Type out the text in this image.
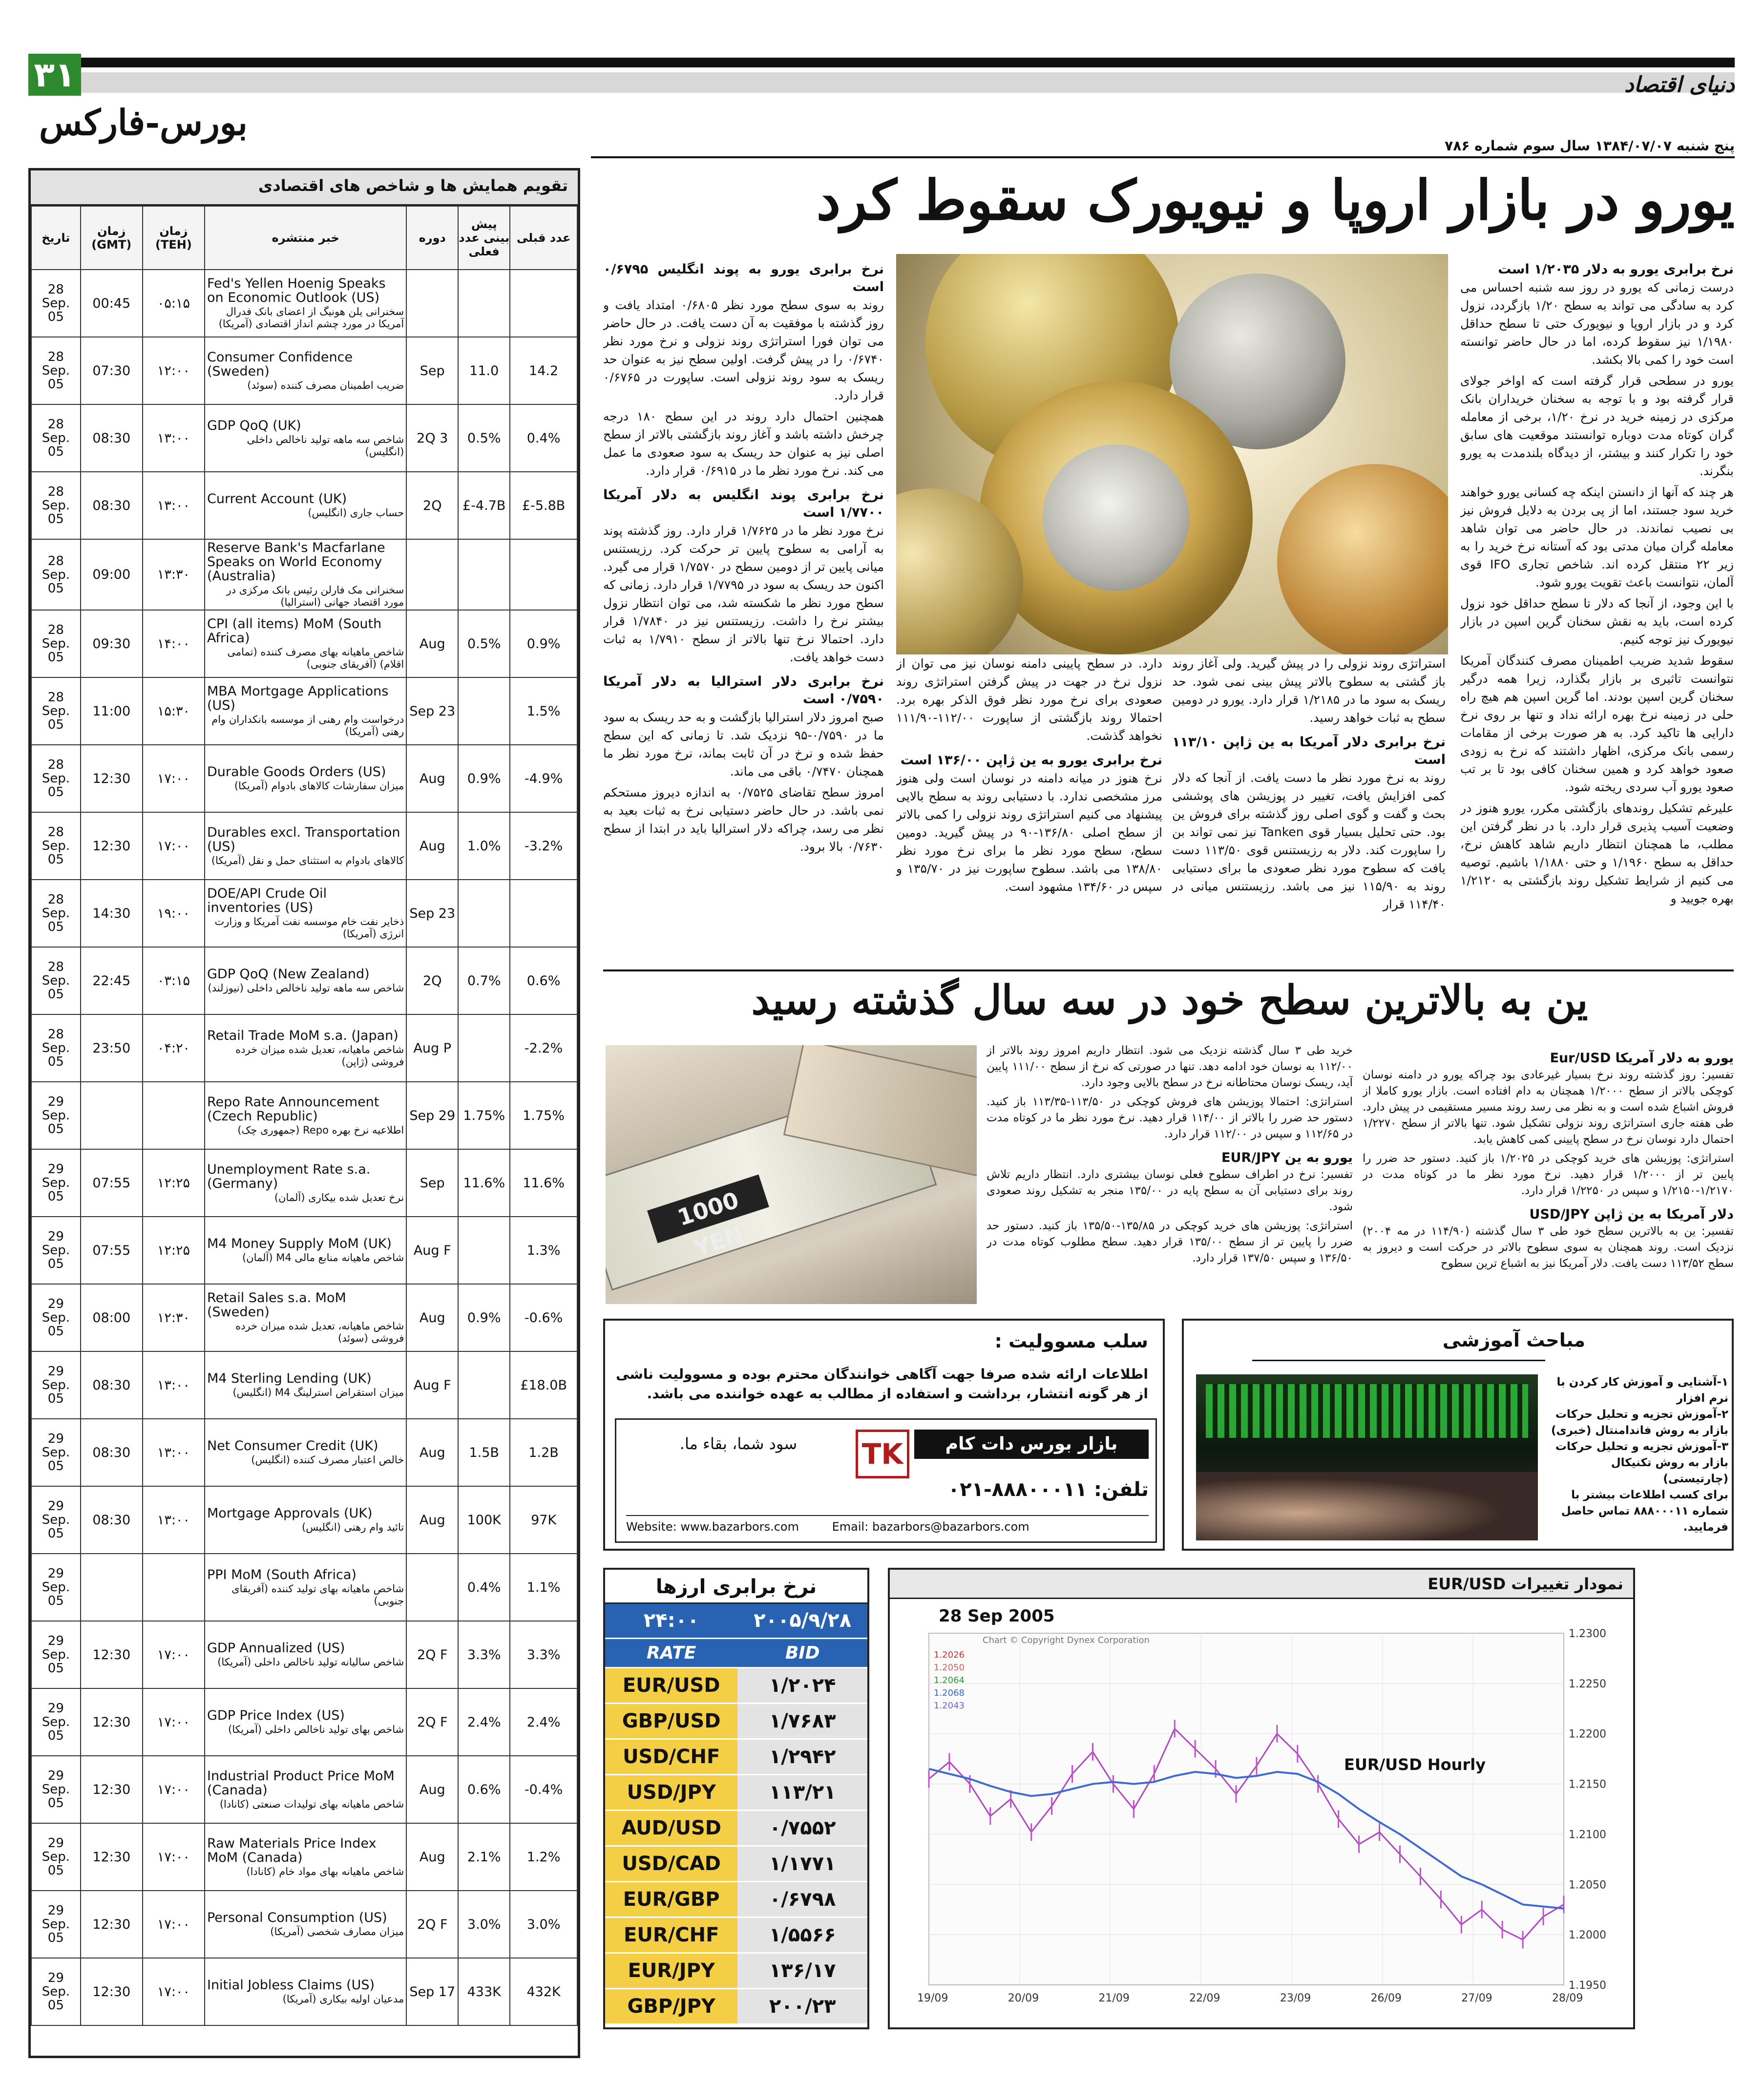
۳۱
بورس-فارکس
دنیای اقتصاد
پنج شنبه ۱۳۸۴/۰۷/۰۷ سال سوم شماره ۷۸۶
یورو در بازار اروپا و نیویورک سقوط کرد
نرخ برابری یورو به دلار ۱/۲۰۳۵ است

درست زمانی که یورو در روز سه شنبه احساس می کرد به سادگی می تواند به سطح ۱/۲۰ بازگردد، نزول کرد و در بازار اروپا و نیویورک حتی تا سطح حداقل ۱/۱۹۸۰ نیز سقوط کرده، اما در حال حاضر توانسته است خود را کمی بالا بکشد.

یورو در سطحی قرار گرفته است که اواخر جولای قرار گرفته بود و با توجه به سخنان خریداران بانک مرکزی در زمینه خرید در نرخ ۱/۲۰، برخی از معامله گران کوتاه مدت دوباره توانستند موقعیت های سابق خود را تکرار کنند و بیشتر، از دیدگاه بلندمدت به یورو بنگرند.

هر چند که آنها از دانستن اینکه چه کسانی یورو خواهند خرید سود جستند، اما از پی بردن به دلایل فروش نیز بی نصیب نماندند. در حال حاضر می توان شاهد معامله گران میان مدتی بود که آستانه نرخ خرید را به زیر ۲۲ منتقل کرده اند. شاخص تجاری IFO قوی آلمان، نتوانست باعث تقویت یورو شود.

با این وجود، از آنجا که دلار تا سطح حداقل خود نزول کرده است، باید به نقش سخنان گرین اسپن در بازار نیویورک نیز توجه کنیم.

سقوط شدید ضریب اطمینان مصرف کنندگان آمریکا نتوانست تاثیری بر بازار بگذارد، زیرا همه درگیر سخنان گرین اسپن بودند. اما گرین اسپن هم هیچ راه حلی در زمینه نرخ بهره ارائه نداد و تنها بر روی نرخ دارایی ها تاکید کرد. به هر صورت برخی از مقامات رسمی بانک مرکزی، اظهار داشتند که نرخ به زودی صعود خواهد کرد و همین سخنان کافی بود تا بر تب صعود یورو آب سردی ریخته شود.

علیرغم تشکیل روندهای بازگشتی مکرر، یورو هنوز در وضعیت آسیب پذیری قرار دارد. با در نظر گرفتن این مطلب، ما همچنان انتظار داریم شاهد کاهش نرخ، حداقل به سطح ۱/۱۹۶۰ و حتی ۱/۱۸۸۰ باشیم. توصیه می کنیم از شرایط تشکیل روند بازگشتی به ۱/۲۱۲۰ بهره جویید و

استراتژی روند نزولی را در پیش گیرید. ولی آغاز روند باز گشتی به سطوح بالاتر پیش بینی نمی شود. حد ریسک به سود ما در ۱/۲۱۸۵ قرار دارد. یورو در دومین سطح به ثبات خواهد رسید.

نرخ برابری دلار آمریکا به ین ژاپن ۱۱۳/۱۰ است

روند به نرخ مورد نظر ما دست یافت. از آنجا که دلار کمی افزایش یافت، تغییر در پوزیشن های پوششی بحث و گفت و گوی اصلی روز گذشته برای فروش ین بود. حتی تحلیل بسیار قوی Tanken نیز نمی تواند بن را ساپورت کند. دلار به رزیستنس قوی ۱۱۳/۵۰ دست یافت که سطوح مورد نظر صعودی ما برای دستیابی روند به ۱۱۵/۹۰ نیز می باشد. رزیستنس میانی در ۱۱۴/۴۰ قرار

دارد. در سطح پایینی دامنه نوسان نیز می توان از نزول نرخ در جهت در پیش گرفتن استراتژی روند صعودی برای نرخ مورد نظر فوق الذکر بهره برد. احتمالا روند بازگشتی از ساپورت ۱۱۲/۰۰-۱۱۱/۹۰ نخواهد گذشت.

نرخ برابری یورو به ین ژاپن ۱۳۶/۰۰ است

نرخ هنوز در میانه دامنه در نوسان است ولی هنوز مرز مشخصی ندارد. با دستیابی روند به سطح بالایی پیشنهاد می کنیم استراتژی روند نزولی را کمی بالاتر از سطح اصلی ۱۳۶/۸۰-۹۰ در پیش گیرید. دومین سطح، سطح مورد نظر ما برای نرخ مورد نظر ۱۳۸/۸۰ می باشد. سطوح ساپورت نیز در ۱۳۵/۷۰ و سپس در ۱۳۴/۶۰ مشهود است.

نرخ برابری یورو به پوند انگلیس ۰/۶۷۹۵ است

روند به سوی سطح مورد نظر ۰/۶۸۰۵ امتداد یافت و روز گذشته با موفقیت به آن دست یافت. در حال حاضر می توان فورا استراتژی روند نزولی و نرخ مورد نظر ۰/۶۷۴۰ را در پیش گرفت. اولین سطح نیز به عنوان حد ریسک به سود روند نزولی است. ساپورت در ۰/۶۷۶۵ قرار دارد.

همچنین احتمال دارد روند در این سطح ۱۸۰ درجه چرخش داشته باشد و آغاز روند بازگشتی بالاتر از سطح اصلی نیز به عنوان حد ریسک به سود صعودی ما عمل می کند. نرخ مورد نظر ما در ۰/۶۹۱۵ قرار دارد.

نرخ برابری پوند انگلیس به دلار آمریکا ۱/۷۷۰۰ است

نرخ مورد نظر ما در ۱/۷۶۲۵ قرار دارد. روز گذشته پوند به آرامی به سطوح پایین تر حرکت کرد. رزیستنس میانی پایین تر از دومین سطح در ۱/۷۵۷۰ قرار می گیرد. اکنون حد ریسک به سود در ۱/۷۷۹۵ قرار دارد. زمانی که سطح مورد نظر ما شکسته شد، می توان انتظار نزول بیشتر نرخ را داشت. رزیستنس نیز در ۱/۷۸۴۰ قرار دارد. احتمالا نرخ تنها بالاتر از سطح ۱/۷۹۱۰ به ثبات دست خواهد یافت.

نرخ برابری دلار استرالیا به دلار آمریکا ۰/۷۵۹۰ است

صبح امروز دلار استرالیا بازگشت و به حد ریسک به سود ما در ۰/۷۵۹۰-۹۵ نزدیک شد. تا زمانی که این سطح حفظ شده و نرخ در آن ثابت بماند، نرخ مورد نظر ما همچنان ۰/۷۴۷۰ باقی می ماند.

امروز سطح تقاضای ۰/۷۵۲۵ به اندازه دیروز مستحکم نمی باشد. در حال حاضر دستیابی نرخ به ثبات بعید به نظر می رسد، چراکه دلار استرالیا باید در ابتدا از سطح ۰/۷۶۳۰ بالا برود.

ین به بالاترین سطح خود در سه سال گذشته رسید
یورو به دلار آمریکا Eur/USD

تفسیر: روز گذشته روند نرخ بسیار غیرعادی بود چراکه یورو در دامنه نوسان کوچکی بالاتر از سطح ۱/۲۰۰۰ همچنان به دام افتاده است. بازار یورو کاملا از فروش اشباع شده است و به نظر می رسد روند مسیر مستقیمی در پیش دارد. طی هفته جاری استراتژی روند نزولی تشکیل شود. تنها بالاتر از سطح ۱/۲۲۷۰ احتمال دارد نوسان نرخ در سطح پایینی کمی کاهش یابد.

استراتژی: پوزیشن های خرید کوچکی در ۱/۲۰۲۵ باز کنید. دستور حد ضرر را پایین تر از ۱/۲۰۰۰ قرار دهید. نرخ مورد نظر ما در کوتاه مدت در ۱/۲۱۷۰-۱/۲۱۵۰ و سپس در ۱/۲۲۵۰ قرار دارد.

دلار آمریکا به ین ژاپن USD/JPY

تفسیر: ین به بالاترین سطح خود طی ۳ سال گذشته (۱۱۴/۹۰ در مه ۲۰۰۴) نزدیک است. روند همچنان به سوی سطوح بالاتر در حرکت است و دیروز به سطح ۱۱۳/۵۲ دست یافت. دلار آمریکا نیز به اشباع ترین سطوح

خرید طی ۳ سال گذشته نزدیک می شود. انتظار داریم امروز روند بالاتر از ۱۱۲/۰۰ به نوسان خود ادامه دهد. تنها در صورتی که نرخ از سطح ۱۱۱/۰۰ پایین آید، ریسک نوسان محتاطانه نرخ در سطح بالایی وجود دارد.

استراتژی: احتمالا پوزیشن های فروش کوچکی در ۱۱۳/۵۰-۱۱۳/۳۵ باز کنید. دستور حد ضرر را بالاتر از ۱۱۴/۰۰ قرار دهید. نرخ مورد نظر ما در کوتاه مدت در ۱۱۲/۶۵ و سپس در ۱۱۲/۰۰ قرار دارد.

یورو به ین EUR/JPY

تفسیر: نرخ در اطراف سطوح فعلی نوسان بیشتری دارد. انتظار داریم تلاش روند برای دستیابی آن به سطح پایه در ۱۳۵/۰۰ منجر به تشکیل روند صعودی شود.

استراتژی: پوزیشن های خرید کوچکی در ۱۳۵/۸۵-۱۳۵/۵۰ باز کنید. دستور حد ضرر را پایین تر از سطح ۱۳۵/۰۰ قرار دهید. سطح مطلوب کوتاه مدت در ۱۳۶/۵۰ و سپس ۱۳۷/۵۰ قرار دارد.

1000 YEN
تقویم همایش ها و شاخص های اقتصادی
تاریخ	زمان (GMT)	زمان (TEH)	خبر منتشره	دوره	پیش بینی عدد فعلی	عدد قبلی
28 Sep. 05	00:45	۰۵:۱۵	Fed's Yellen Hoenig Speaks on Economic Outlook (US)
سخنرانی یلن هونیگ از اعضای بانک فدرال آمریکا در مورد چشم انداز اقتصادی (آمریکا)			

28 Sep. 05	07:30	۱۲:۰۰	Consumer Confidence (Sweden)
ضریب اطمینان مصرف کننده (سوئد)	Sep	11.0	14.2
28 Sep. 05	08:30	۱۳:۰۰	GDP QoQ (UK)
شاخص سه ماهه تولید ناخالص داخلی (انگلیس)	2Q 3	0.5%	0.4%
28 Sep. 05	08:30	۱۳:۰۰	Current Account (UK)
حساب جاری (انگلیس)	2Q	£-4.7B	£-5.8B
28 Sep. 05	09:00	۱۳:۳۰	Reserve Bank's Macfarlane Speaks on World Economy (Australia)
سخنرانی مک فارلن رئیس بانک مرکزی در مورد اقتصاد جهانی (استرالیا)			

28 Sep. 05	09:30	۱۴:۰۰	CPI (all items) MoM (South Africa)
شاخص ماهیانه بهای مصرف کننده (تمامی اقلام) (آفریقای جنوبی)	Aug	0.5%	0.9%
28 Sep. 05	11:00	۱۵:۳۰	MBA Mortgage Applications (US)
درخواست وام رهنی از موسسه بانکداران وام رهنی (آمریکا)	Sep 23		1.5%
28 Sep. 05	12:30	۱۷:۰۰	Durable Goods Orders (US)
میزان سفارشات کالاهای بادوام (آمریکا)	Aug	0.9%	-4.9%
28 Sep. 05	12:30	۱۷:۰۰	Durables excl. Transportation (US)
کالاهای بادوام به استثنای حمل و نقل (آمریکا)	Aug	1.0%	-3.2%
28 Sep. 05	14:30	۱۹:۰۰	DOE/API Crude Oil inventories (US)
ذخایر نفت خام موسسه نفت آمریکا و وزارت انرژی (آمریکا)	Sep 23		
28 Sep. 05	22:45	۰۳:۱۵	GDP QoQ (New Zealand)
شاخص سه ماهه تولید ناخالص داخلی (نیوزلند)	2Q	0.7%	0.6%
28 Sep. 05	23:50	۰۴:۲۰	Retail Trade MoM s.a. (Japan)
شاخص ماهیانه، تعدیل شده میزان خرده فروشی (ژاپن)	Aug P		-2.2%
29 Sep. 05			Repo Rate Announcement (Czech Republic)
اطلاعیه نرخ بهره Repo (جمهوری چک)	Sep 29	1.75%	1.75%
29 Sep. 05	07:55	۱۲:۲۵	Unemployment Rate s.a. (Germany)
نرخ تعدیل شده بیکاری (آلمان)	Sep	11.6%	11.6%
29 Sep. 05	07:55	۱۲:۲۵	M4 Money Supply MoM (UK)
شاخص ماهیانه منابع مالی M4 (آلمان)	Aug F		1.3%
29 Sep. 05	08:00	۱۲:۳۰	Retail Sales s.a. MoM (Sweden)
شاخص ماهیانه، تعدیل شده میزان خرده فروشی (سوئد)	Aug	0.9%	-0.6%
29 Sep. 05	08:30	۱۳:۰۰	M4 Sterling Lending (UK)
میزان استقراض استرلینگ M4 (انگلیس)	Aug F		£18.0B
29 Sep. 05	08:30	۱۳:۰۰	Net Consumer Credit (UK)
خالص اعتبار مصرف کننده (انگلیس)	Aug	1.5B	1.2B
29 Sep. 05	08:30	۱۳:۰۰	Mortgage Approvals (UK)
تائید وام رهنی (انگلیس)	Aug	100K	97K
29 Sep. 05			PPI MoM (South Africa)
شاخص ماهیانه بهای تولید کننده (آفریقای جنوبی)		0.4%	1.1%
29 Sep. 05	12:30	۱۷:۰۰	GDP Annualized (US)
شاخص سالیانه تولید ناخالص داخلی (آمریکا)	2Q F	3.3%	3.3%
29 Sep. 05	12:30	۱۷:۰۰	GDP Price Index (US)
شاخص بهای تولید ناخالص داخلی (آمریکا)	2Q F	2.4%	2.4%
29 Sep. 05	12:30	۱۷:۰۰	Industrial Product Price MoM (Canada)
شاخص ماهیانه بهای تولیدات صنعتی (کانادا)	Aug	0.6%	-0.4%
29 Sep. 05	12:30	۱۷:۰۰	Raw Materials Price Index MoM (Canada)
شاخص ماهیانه بهای مواد خام (کانادا)	Aug	2.1%	1.2%
29 Sep. 05	12:30	۱۷:۰۰	Personal Consumption (US)
میزان مصارف شخصی (آمریکا)	2Q F	3.0%	3.0%
29 Sep. 05	12:30	۱۷:۰۰	Initial Jobless Claims (US)
مدعیان اولیه بیکاری (آمریکا)	Sep 17	433K	432K
سلب مسوولیت :
اطلاعات ارائه شده صرفا جهت آگاهی خوانندگان محترم بوده و مسوولیت ناشی از هر گونه انتشار، برداشت و استفاده از مطالب به عهده خواننده می باشد.
TK	بازار بورس دات کام
سود شما، بقاء ما.
تلفن: ۸۸۸۰۰۰۱۱-۰۲۱
Website: www.bazarbors.com	Email: bazarbors@bazarbors.com
مباحث آموزشی
۱-آشنایی و آموزش کار کردن با نرم افزار
۲-آموزش تجزیه و تحلیل حرکات بازار به روش فاندامنتال (خبری)
۳-آموزش تجزیه و تحلیل حرکات بازار به روش تکنیکال (چارتیستی)
برای کسب اطلاعات بیشتر با شماره ۸۸۸۰۰۰۱۱ تماس حاصل فرمایید.
نرخ برابری ارزها
۲۴:۰۰	۲۰۰۵/۹/۲۸
RATE	BID
EUR/USD	۱/۲۰۲۴
GBP/USD	۱/۷۶۸۳
USD/CHF	۱/۲۹۴۲
USD/JPY	۱۱۳/۲۱
AUD/USD	۰/۷۵۵۲
USD/CAD	۱/۱۷۷۱
EUR/GBP	۰/۶۷۹۸
EUR/CHF	۱/۵۵۶۶
EUR/JPY	۱۳۶/۱۷
GBP/JPY	۲۰۰/۲۳
نمودار تغییرات EUR/USD
1.2300
1.2250
1.2200
1.2150
1.2100
1.2050
1.2000
1.1950
19/09	20/09	21/09	22/09	23/09	26/09	27/09	28/09
28 Sep 2005
Chart © Copyright Dynex Corporation
EUR/USD Hourly
1.2026
1.2050
1.2064
1.2068
1.2043
